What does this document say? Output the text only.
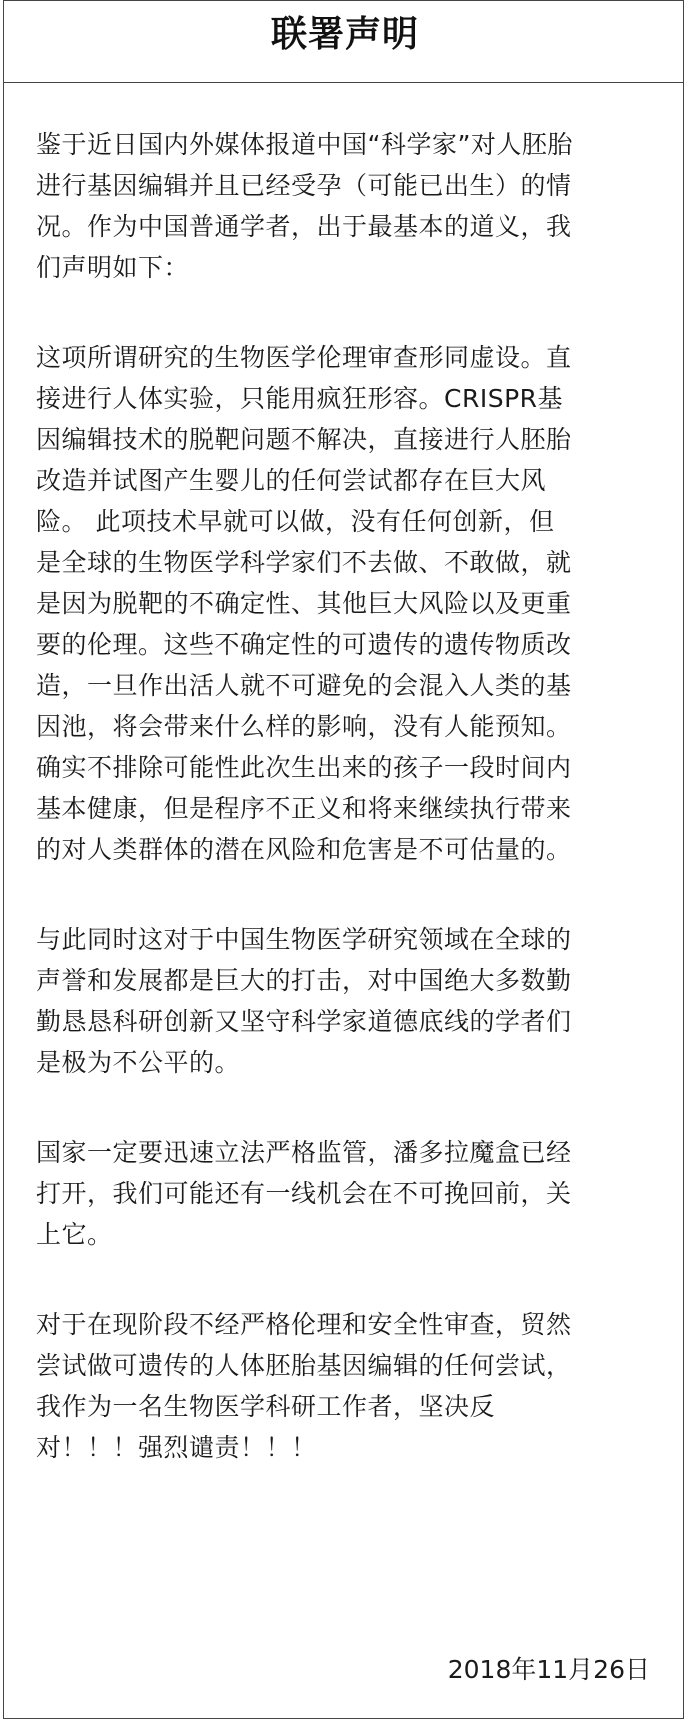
联署声明
鉴于近日国内外媒体报道中国“科学家”对人胚胎
进行基因编辑并且已经受孕（可能已出生）的情
况。作为中国普通学者，出于最基本的道义，我
们声明如下：
这项所谓研究的生物医学伦理审查形同虚设。直
接进行人体实验，只能用疯狂形容。CRISPR基
因编辑技术的脱靶问题不解决，直接进行人胚胎
改造并试图产生婴儿的任何尝试都存在巨大风
险。 此项技术早就可以做，没有任何创新，但
是全球的生物医学科学家们不去做、不敢做，就
是因为脱靶的不确定性、其他巨大风险以及更重
要的伦理。这些不确定性的可遗传的遗传物质改
造，一旦作出活人就不可避免的会混入人类的基
因池，将会带来什么样的影响，没有人能预知。
确实不排除可能性此次生出来的孩子一段时间内
基本健康，但是程序不正义和将来继续执行带来
的对人类群体的潜在风险和危害是不可估量的。
与此同时这对于中国生物医学研究领域在全球的
声誉和发展都是巨大的打击，对中国绝大多数勤
勤恳恳科研创新又坚守科学家道德底线的学者们
是极为不公平的。
国家一定要迅速立法严格监管，潘多拉魔盒已经
打开，我们可能还有一线机会在不可挽回前，关
上它。
对于在现阶段不经严格伦理和安全性审查，贸然
尝试做可遗传的人体胚胎基因编辑的任何尝试，
我作为一名生物医学科研工作者，坚决反
对！！！强烈谴责！！！
2018年11月26日
